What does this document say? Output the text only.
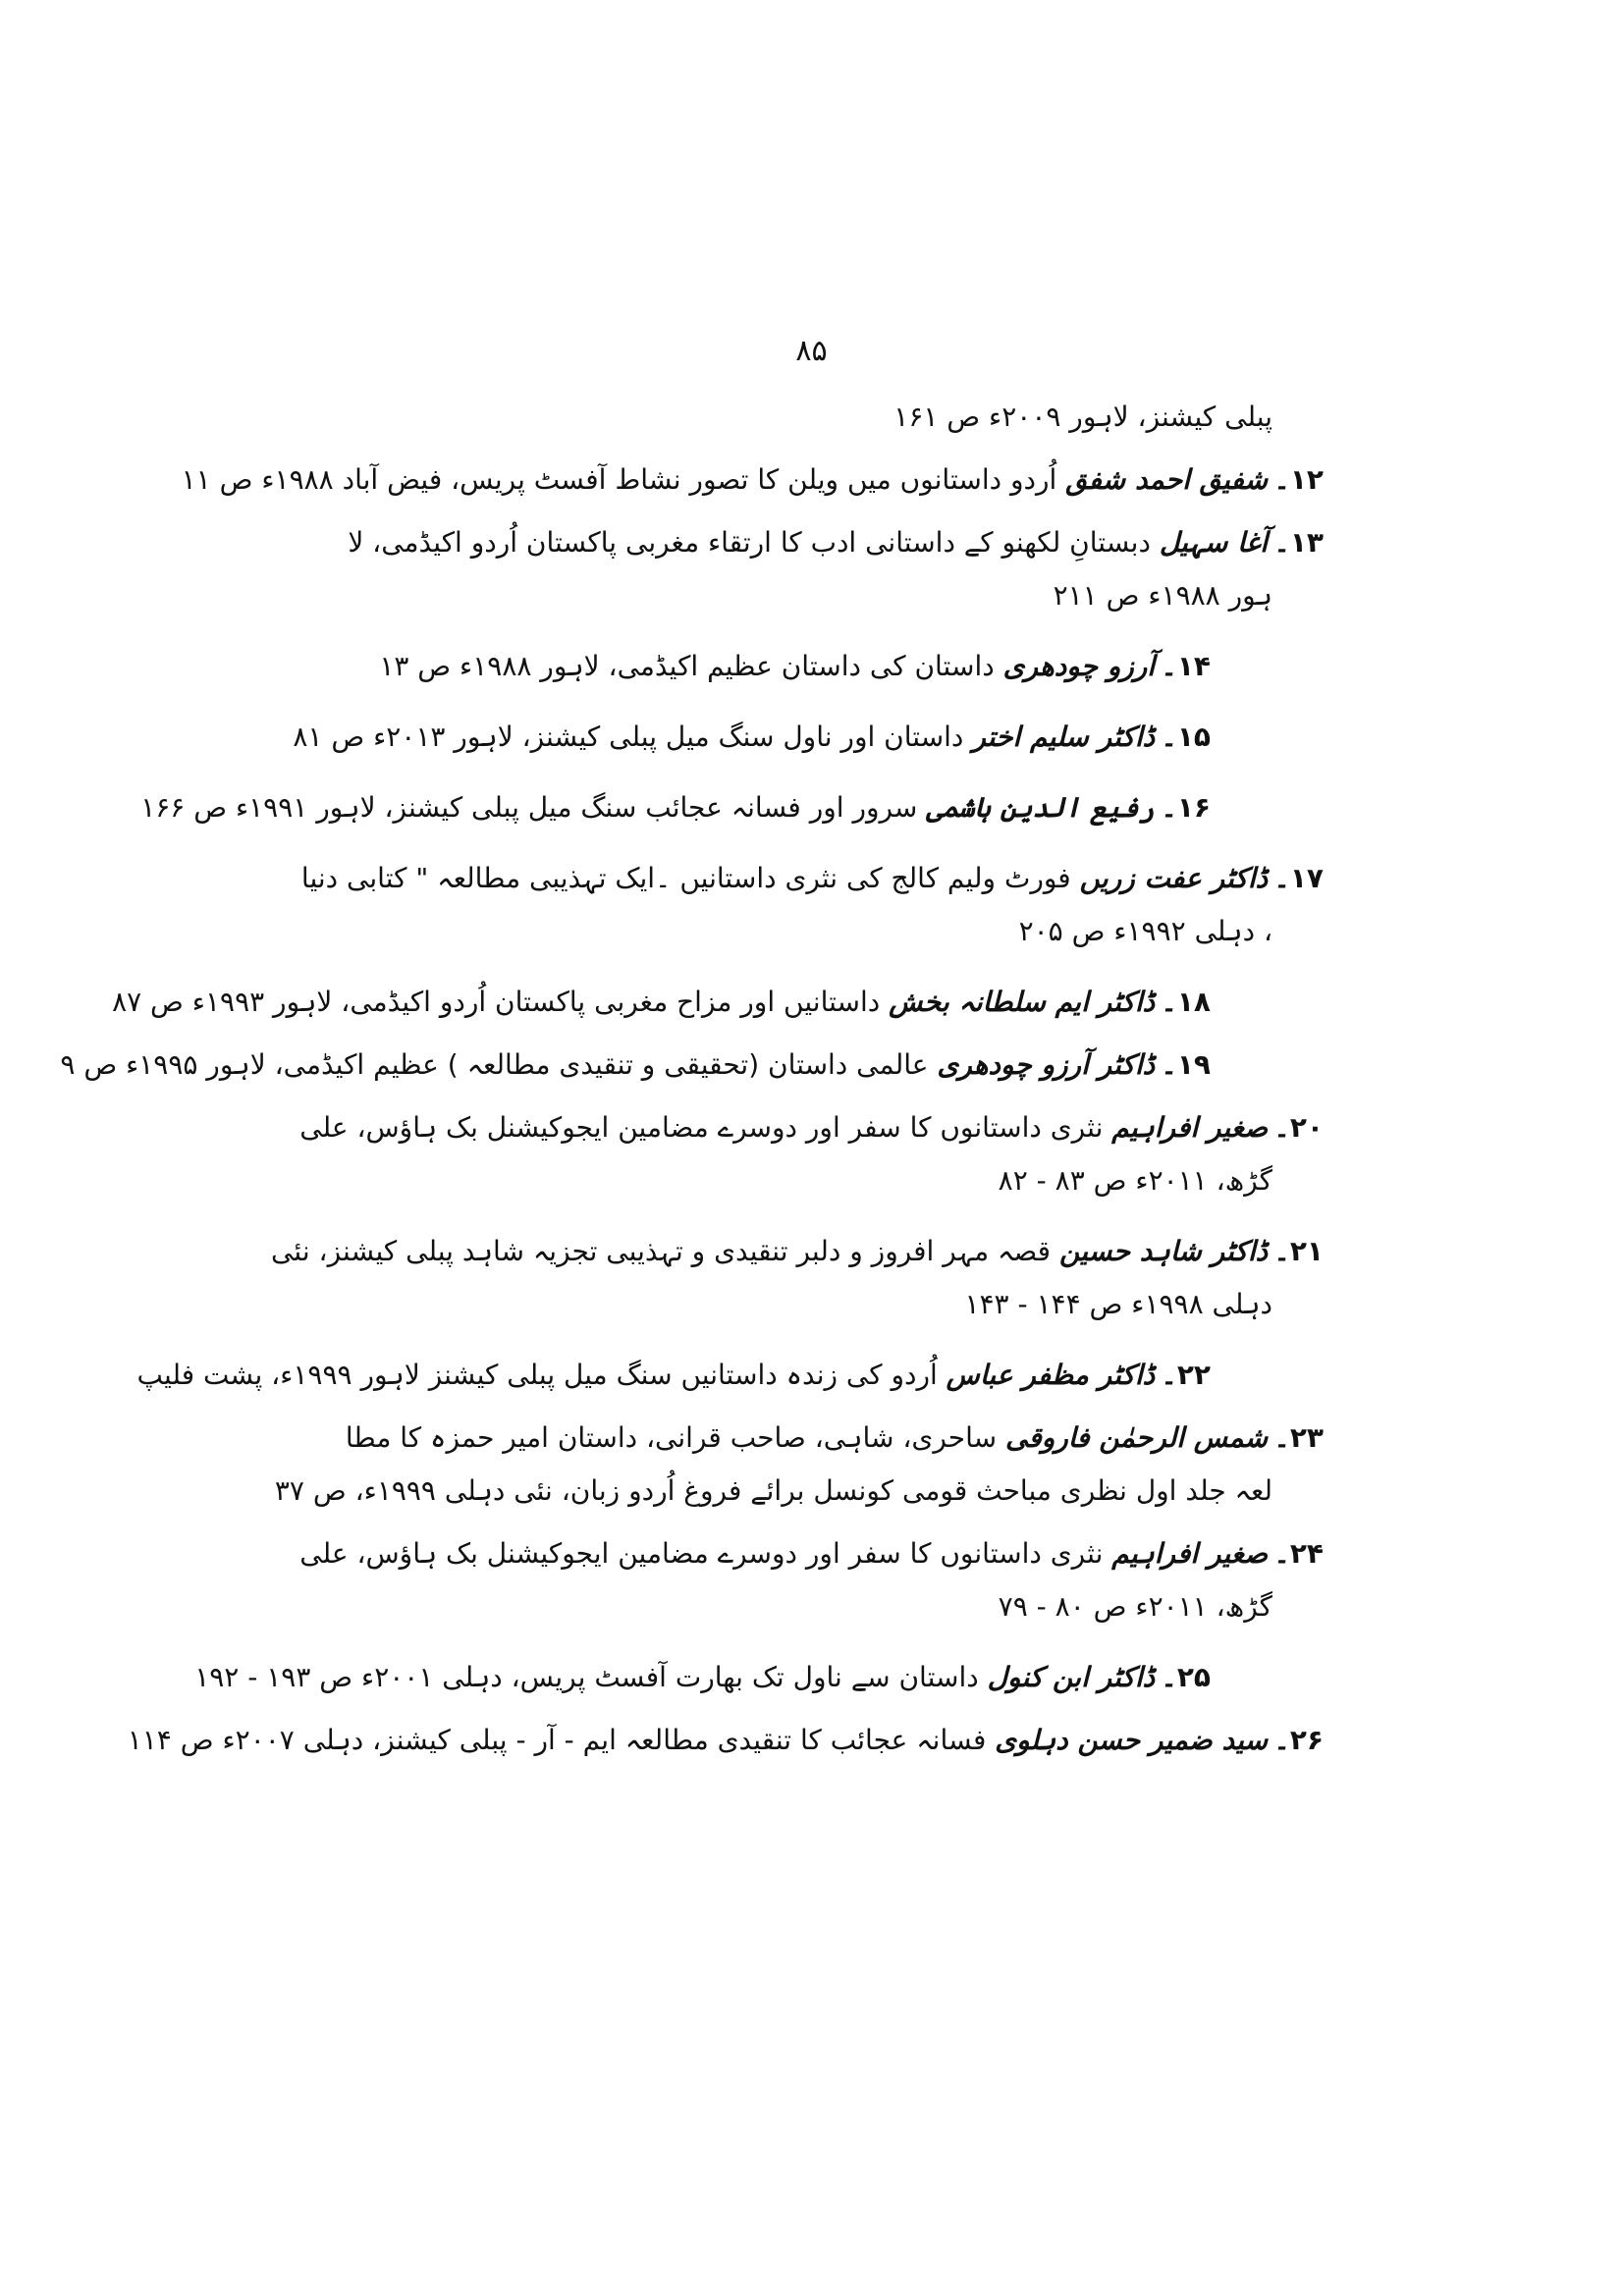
۸۵
پبلی کیشنز، لاہور ۲۰۰۹ء ص ۱۶۱
۱۲۔ شفیق احمد شفق اُردو داستانوں میں ویلن کا تصور نشاط آفسٹ پریس، فیض آباد ۱۹۸۸ء ص ۱۱
۱۳۔ آغا سہیل دبستانِ لکھنو کے داستانی ادب کا ارتقاء مغربی پاکستان اُردو اکیڈمی، لا
ہور ۱۹۸۸ء ص ۲۱۱
۱۴۔ آرزو چودھری داستان کی داستان عظیم اکیڈمی، لاہور ۱۹۸۸ء ص ۱۳
۱۵۔ ڈاکٹر سلیم اختر داستان اور ناول سنگ میل پبلی کیشنز، لاہور ۲۰۱۳ء ص ۸۱
۱۶۔ رفیع الدین ہاشمی سرور اور فسانہ عجائب سنگ میل پبلی کیشنز، لاہور ۱۹۹۱ء ص ۱۶۶
۱۷۔ ڈاکٹر عفت زریں فورٹ ولیم کالج کی نثری داستانیں ۔ایک تہذیبی مطالعہ " کتابی دنیا
، دہلی ۱۹۹۲ء ص ۲۰۵
۱۸۔ ڈاکٹر ایم سلطانہ بخش داستانیں اور مزاح مغربی پاکستان اُردو اکیڈمی، لاہور ۱۹۹۳ء ص ۸۷
۱۹۔ ڈاکٹر آرزو چودھری عالمی داستان (تحقیقی و تنقیدی مطالعہ ) عظیم اکیڈمی، لاہور ۱۹۹۵ء ص ۹
۲۰۔ صغیر افراہیم نثری داستانوں کا سفر اور دوسرے مضامین ایجوکیشنل بک ہاؤس، علی
گڑھ، ۲۰۱۱ء ص ۸۳ - ۸۲
۲۱۔ ڈاکٹر شاہد حسین قصہ مہر افروز و دلبر تنقیدی و تہذیبی تجزیہ شاہد پبلی کیشنز، نئی
دہلی ۱۹۹۸ء ص ۱۴۴ - ۱۴۳
۲۲۔ ڈاکٹر مظفر عباس اُردو کی زندہ داستانیں سنگ میل پبلی کیشنز لاہور ۱۹۹۹ء، پشت فلیپ
۲۳۔ شمس الرحمٰن فاروقی ساحری، شاہی، صاحب قرانی، داستان امیر حمزہ کا مطا
لعہ جلد اول نظری مباحث قومی کونسل برائے فروغ اُردو زبان، نئی دہلی ۱۹۹۹ء، ص ۳۷
۲۴۔ صغیر افراہیم نثری داستانوں کا سفر اور دوسرے مضامین ایجوکیشنل بک ہاؤس، علی
گڑھ، ۲۰۱۱ء ص ۸۰ - ۷۹
۲۵۔ ڈاکٹر ابن کنول داستان سے ناول تک بھارت آفسٹ پریس، دہلی ۲۰۰۱ء ص ۱۹۳ - ۱۹۲
۲۶۔ سید ضمیر حسن دہلوی فسانہ عجائب کا تنقیدی مطالعہ ایم - آر - پبلی کیشنز، دہلی ۲۰۰۷ء ص ۱۱۴
